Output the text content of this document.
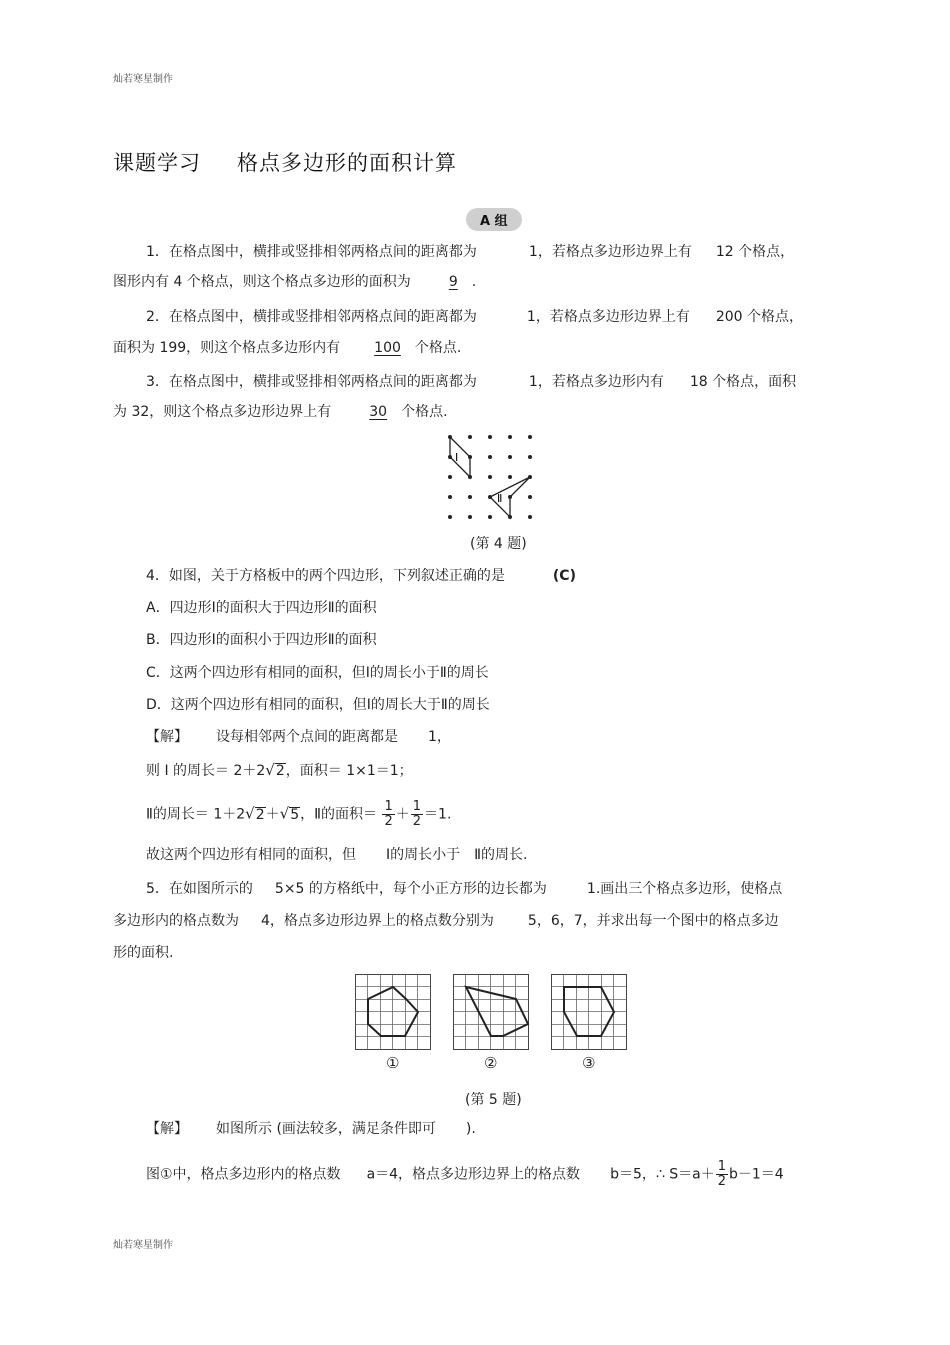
灿若寒星制作
课题学习 格点多边形的面积计算
A 组
1．在格点图中，横排或竖排相邻两格点间的距离都为	1，若格点多边形边界上有 12 个格点，
图形内有 4 个格点，则这个格点多边形的面积为	9 .
2．在格点图中，横排或竖排相邻两格点间的距离都为	1，若格点多边形边界上有 200 个格点，
面积为 199，则这个格点多边形内有 100 个格点.
3．在格点图中，横排或竖排相邻两格点间的距离都为	1，若格点多边形内有 18 个格点，面积
为 32，则这个格点多边形边界上有	30 个格点.
Ⅰ
Ⅱ
(第 4 题)
4．如图，关于方格板中的两个四边形，下列叙述正确的是	(C)
A．四边形Ⅰ的面积大于四边形Ⅱ的面积
B．四边形Ⅰ的面积小于四边形Ⅱ的面积
C．这两个四边形有相同的面积，但Ⅰ的周长小于Ⅱ的周长
D．这两个四边形有相同的面积，但Ⅰ的周长大于Ⅱ的周长
【解】 设每相邻两个点间的距离都是 1，
则 Ⅰ 的周长＝ 2＋2√2，面积＝ 1×1＝1；
Ⅱ的周长＝ 1＋2√2＋√5，Ⅱ的面积＝ $\frac{1}{2} + \frac{1}{2} =1$.
故这两个四边形有相同的面积，但 Ⅰ的周长小于 Ⅱ的周长.
5．在如图所示的 5×5 的方格纸中，每个小正方形的边长都为	1.画出三个格点多边形，使格点
多边形内的格点数为 4，格点多边形边界上的格点数分别为 5，6，7，并求出每一个图中的格点多边
形的面积.
①	②	③
(第 5 题)
【解】 如图所示 (画法较多，满足条件即可 ).
图①中，格点多边形内的格点数 a＝4，格点多边形边界上的格点数 b＝5，∴ $S=a+ \frac{1}{2} b-1=4$
灿若寒星制作
